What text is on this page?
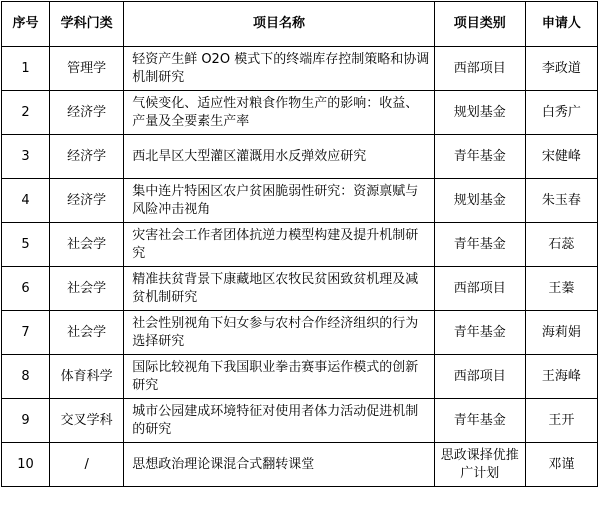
序号	学科门类	项目名称	项目类别	申请人
1	管理学	轻资产生鲜 O2O 模式下的终端库存控制策略和协调机制研究	西部项目	李政道
2	经济学	气候变化、适应性对粮食作物生产的影响：收益、产量及全要素生产率	规划基金	白秀广
3	经济学	西北旱区大型灌区灌溉用水反弹效应研究	青年基金	宋健峰
4	经济学	集中连片特困区农户贫困脆弱性研究：资源禀赋与风险冲击视角	规划基金	朱玉春
5	社会学	灾害社会工作者团体抗逆力模型构建及提升机制研究	青年基金	石蕊
6	社会学	精准扶贫背景下康藏地区农牧民贫困致贫机理及减贫机制研究	西部项目	王蓁
7	社会学	社会性别视角下妇女参与农村合作经济组织的行为选择研究	青年基金	海莉娟
8	体育科学	国际比较视角下我国职业拳击赛事运作模式的创新研究	西部项目	王海峰
9	交叉学科	城市公园建成环境特征对使用者体力活动促进机制的研究	青年基金	王开
10	/	思想政治理论课混合式翻转课堂	思政课择优推广计划	邓谨
